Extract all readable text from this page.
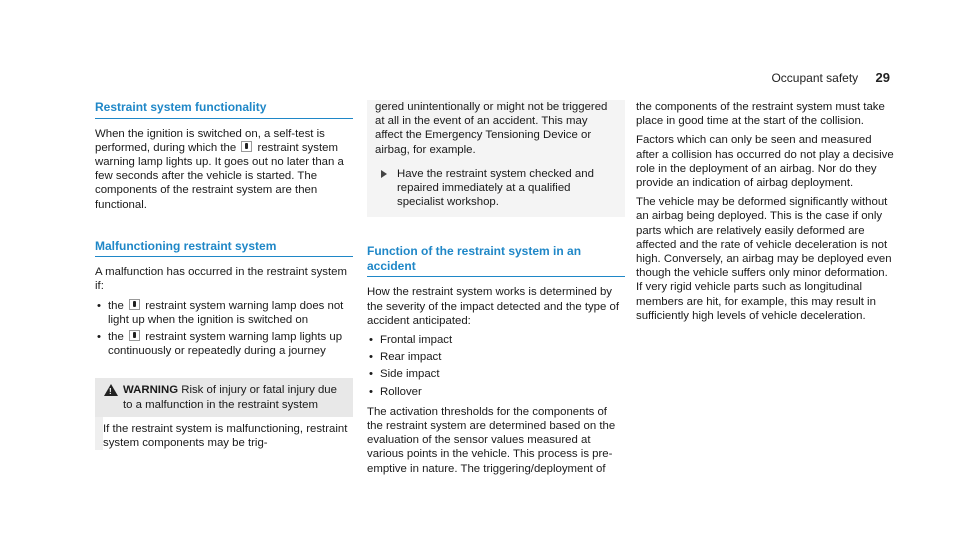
Occupant safety 29
Restraint system functionality

When the ignition is switched on, a self-test is performed, during which the restraint system warning lamp lights up. It goes out no later than a few seconds after the vehicle is started. The components of the restraint system are then functional.

Malfunctioning restraint system

A malfunction has occurred in the restraint system if:

• the restraint system warning lamp does not light up when the ignition is switched on
• the restraint system warning lamp lights up continuously or repeatedly during a journey
!
WARNING Risk of injury or fatal injury due to a malfunction in the restraint system

If the restraint system is malfunctioning, restraint system components may be trig-

gered unintentionally or might not be triggered at all in the event of an accident. This may affect the Emergency Tensioning Device or airbag, for example.

Have the restraint system checked and repaired immediately at a qualified specialist workshop.
Function of the restraint system in an accident

How the restraint system works is determined by the severity of the impact detected and the type of accident anticipated:

• Frontal impact
• Rear impact
• Side impact
• Rollover

The activation thresholds for the components of the restraint system are determined based on the evaluation of the sensor values measured at various points in the vehicle. This process is pre-emptive in nature. The triggering/deployment of

the components of the restraint system must take place in good time at the start of the collision.

Factors which can only be seen and measured after a collision has occurred do not play a decisive role in the deployment of an airbag. Nor do they provide an indication of airbag deployment.

The vehicle may be deformed significantly without an airbag being deployed. This is the case if only parts which are relatively easily deformed are affected and the rate of vehicle deceleration is not high. Conversely, an airbag may be deployed even though the vehicle suffers only minor deformation. If very rigid vehicle parts such as longitudinal members are hit, for example, this may result in sufficiently high levels of vehicle deceleration.
